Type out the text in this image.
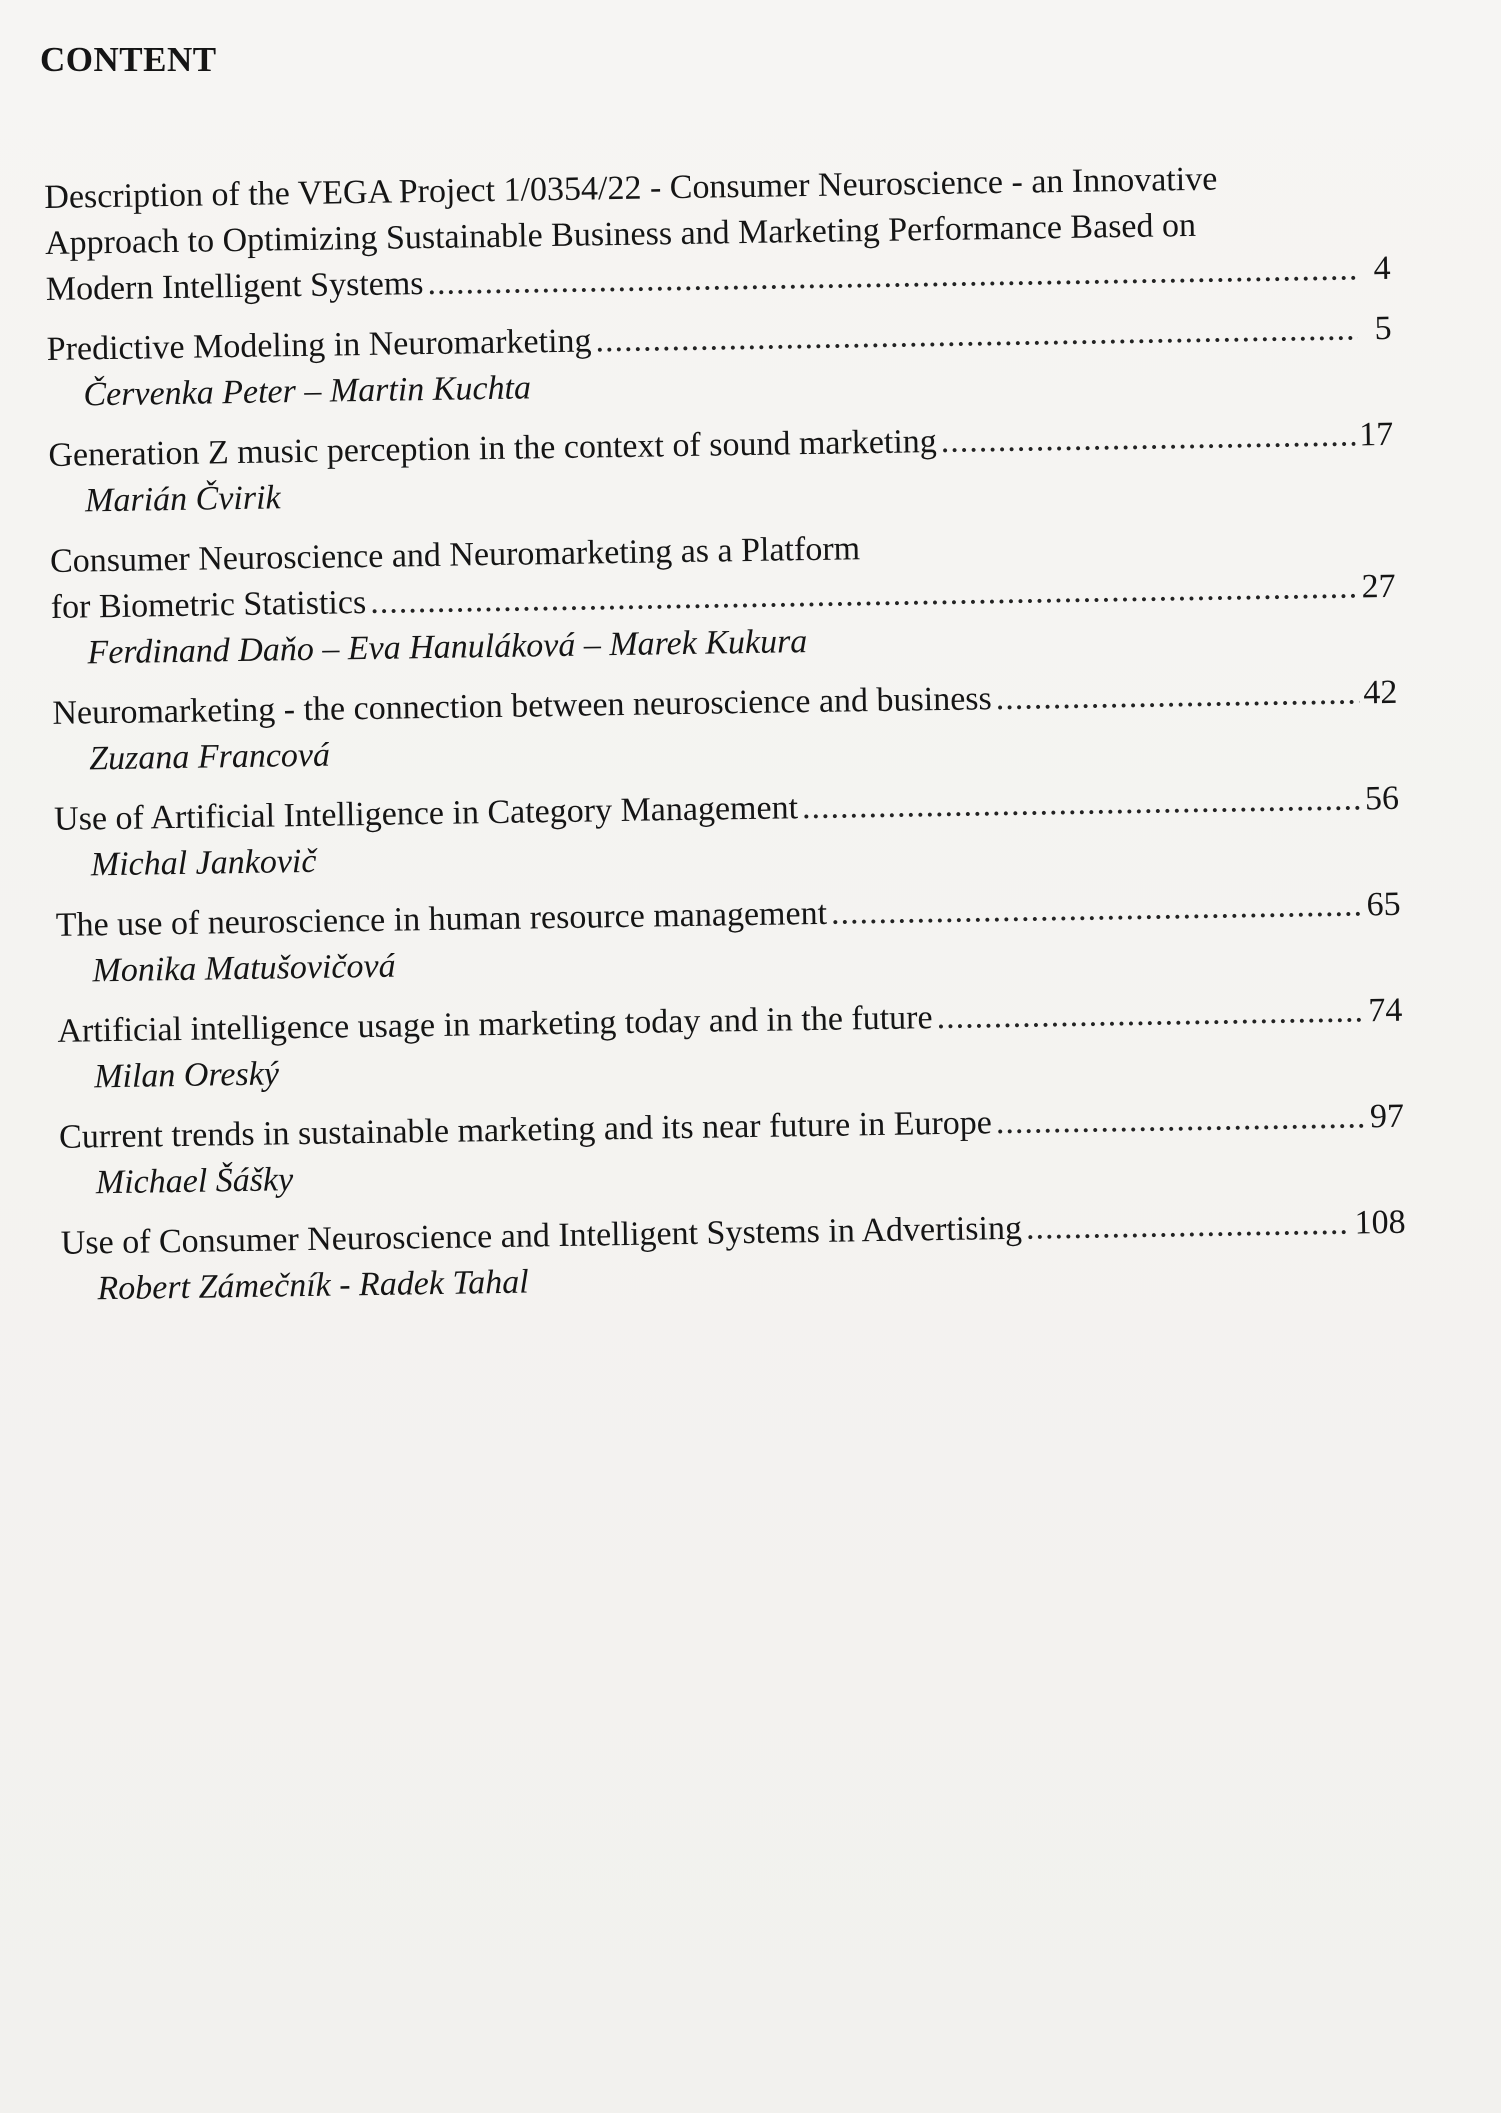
CONTENT
Description of the VEGA Project 1/0354/22 - Consumer Neuroscience - an Innovative
Approach to Optimizing Sustainable Business and Marketing Performance Based on
Modern Intelligent Systems .....	4
Predictive Modeling in Neuromarketing .....	5
Červenka Peter – Martin Kuchta
Generation Z music perception in the context of sound marketing .....	17
Marián Čvirik
Consumer Neuroscience and Neuromarketing as a Platform
for Biometric Statistics .....	27
Ferdinand Daňo – Eva Hanuláková – Marek Kukura
Neuromarketing - the connection between neuroscience and business .....	42
Zuzana Francová
Use of Artificial Intelligence in Category Management .....	56
Michal Jankovič
The use of neuroscience in human resource management .....	65
Monika Matušovičová
Artificial intelligence usage in marketing today and in the future .....	74
Milan Oreský
Current trends in sustainable marketing and its near future in Europe .....	97
Michael Šášky
Use of Consumer Neuroscience and Intelligent Systems in Advertising .....	108
Robert Zámečník - Radek Tahal
